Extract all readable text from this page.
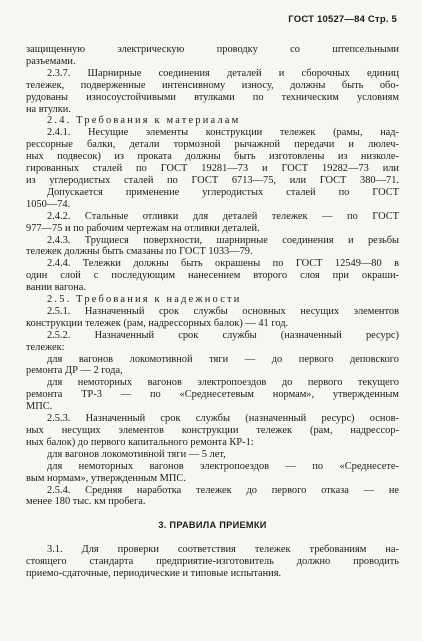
ГОСТ 10527—84 Стр. 5
защищенную электрическую проводку со штепсельными
разъемами.
2.3.7. Шарнирные соединения деталей и сборочных единиц
тележек, подверженные интенсивному износу, должны быть обо-
рудованы износоустойчивыми втулками по техническим условиям
на втулки.
2.4. Требования к материалам
2.4.1. Несущие элементы конструкции тележек (рамы, над-
рессорные балки, детали тормозной рычажной передачи и люлеч-
ных подвесок) из проката должны быть изготовлены из низколе-
гированных сталей по ГОСТ 19281—73 и ГОСТ 19282—73 или
из углеродистых сталей по ГОСТ 6713—75, или ГОСТ 380—71.
Допускается применение углеродистых сталей по ГОСТ
1050—74.
2.4.2. Стальные отливки для деталей тележек — по ГОСТ
977—75 и по рабочим чертежам на отливки деталей.
2.4.3. Трущиеся поверхности, шарнирные соединения и резьбы
тележек должны быть смазаны по ГОСТ 1033—79.
2.4.4. Тележки должны быть окрашены по ГОСТ 12549—80 в
один слой с последующим нанесением второго слоя при окраши-
вании вагона.
2.5. Требования к надежности
2.5.1. Назначенный срок службы основных несущих элементов
конструкции тележек (рам, надрессорных балок) — 41 год.
2.5.2. Назначенный срок службы (назначенный ресурс)
тележек:
для вагонов локомотивной тяги — до первого деповского
ремонта ДР — 2 года,
для немоторных вагонов электропоездов до первого текущего
ремонта ТР-3 — по «Среднесетевым нормам», утвержденным
МПС.
2.5.3. Назначенный срок службы (назначенный ресурс) основ-
ных несущих элементов конструкции тележек (рам, надрессор-
ных балок) до первого капитального ремонта КР-1:
для вагонов локомотивной тяги — 5 лет,
для немоторных вагонов электропоездов — по «Среднесете-
вым нормам», утвержденным МПС.
2.5.4. Средняя наработка тележек до первого отказа — не
менее 180 тыс. км пробега.
3. ПРАВИЛА ПРИЕМКИ
3.1. Для проверки соответствия тележек требованиям на-
стоящего стандарта предприятие-изготовитель должно проводить
приемо-сдаточные, периодические и типовые испытания.
